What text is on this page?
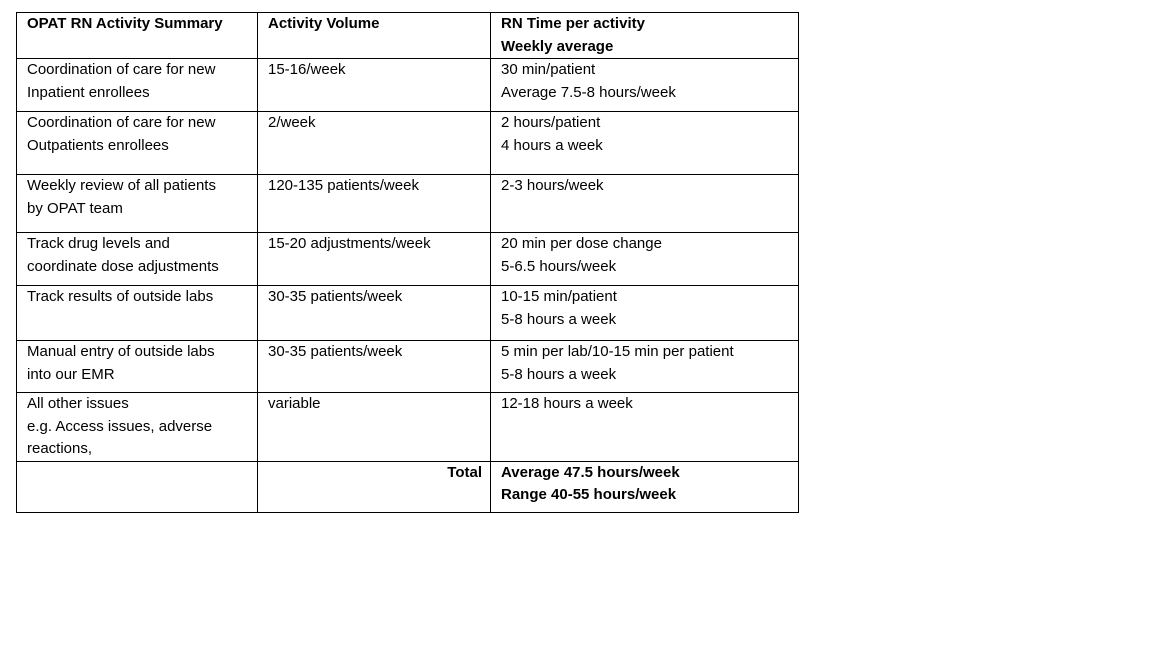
OPAT RN Activity Summary	Activity Volume	RN Time per activity
Weekly average

Coordination of care for new
Inpatient enrollees	15-16/week	30 min/patient
Average 7.5-8 hours/week

Coordination of care for new
Outpatients enrollees	2/week	2 hours/patient
4 hours a week

Weekly review of all patients
by OPAT team	120-135 patients/week	2-3 hours/week

Track drug levels and
coordinate dose adjustments	15-20 adjustments/week	20 min per dose change
5-6.5 hours/week

Track results of outside labs	30-35 patients/week	10-15 min/patient
5-8 hours a week

Manual entry of outside labs
into our EMR	30-35 patients/week	5 min per lab/10-15 min per patient
5-8 hours a week

All other issues
e.g. Access issues, adverse
reactions,	variable	12-18 hours a week

	Total	Average 47.5 hours/week
Range 40-55 hours/week
